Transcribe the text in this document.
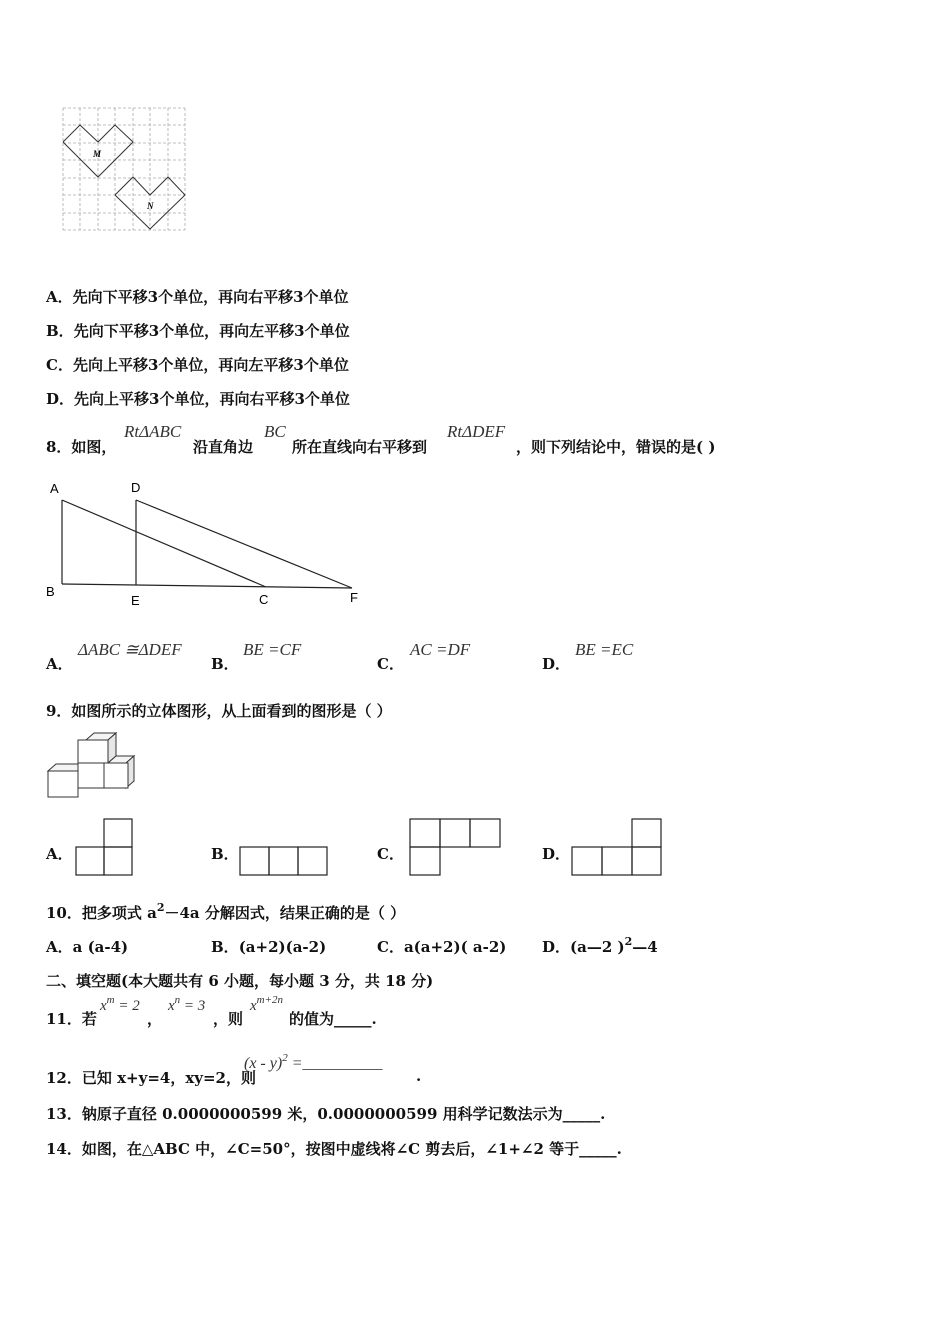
M
N
A．先向下平移3个单位，再向右平移3个单位
B．先向下平移3个单位，再向左平移3个单位
C．先向上平移3个单位，再向左平移3个单位
D．先向上平移3个单位，再向右平移3个单位
8．如图，
RtΔABC
沿直角边
BC
所在直线向右平移到
RtΔDEF
，则下列结论中，错误的是( )
A	D
B
E	C	F
A．
ΔABC ≅ΔDEF
B．
BE =CF
C．
AC =DF
D．
BE =EC
9．如图所示的立体图形，从上面看到的图形是（ ）
A．	B．	C．	D．
10．把多项式 $a^2-4a$ 分解因式，结果正确的是（ ）
A．a (a-4)	B．(a+2)(a-2)	C．a(a+2)( a-2) D．(a—2 )$^2$—4
二、填空题(本大题共有 6 小题，每小题 3 分，共 18 分)
11．若
$x^m = 2$
，
$x^n = 3$
，则
$x^{m+2n}$
的值为_____.
12．已知 x+y=4，xy=2，则
(x - y)$^2$ =__________
.
13．钠原子直径 0.0000000599 米，0.0000000599 用科学记数法示为_____.
14．如图，在△ABC 中，∠C=50°，按图中虚线将∠C 剪去后，∠1+∠2 等于_____.
